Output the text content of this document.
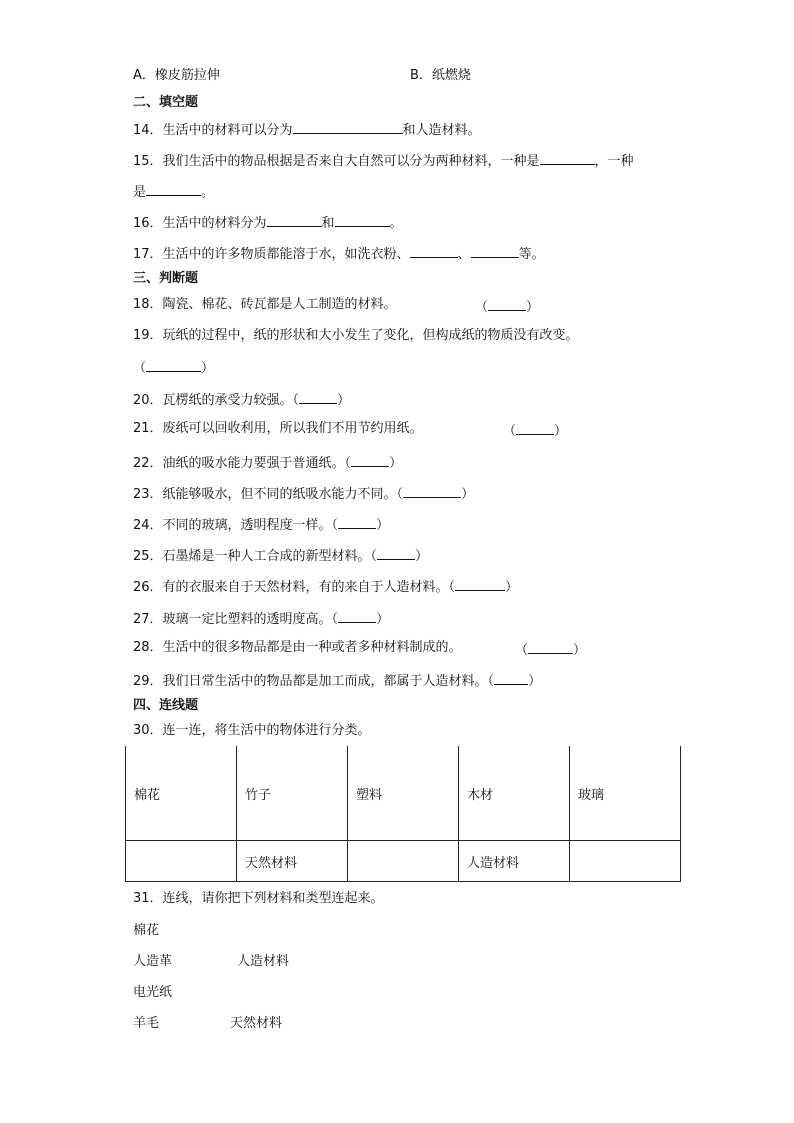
A．橡皮筋拉伸	B．纸燃烧
二、填空题
14．生活中的材料可以分为	和人造材料。
15．我们生活中的物品根据是否来自大自然可以分为两种材料，一种是	，一种
是	。
16．生活中的材料分为	和	。
17．生活中的许多物质都能溶于水，如洗衣粉、	、	等。
三、判断题
18．陶瓷、棉花、砖瓦都是人工制造的材料。	（	）
19．玩纸的过程中，纸的形状和大小发生了变化，但构成纸的物质没有改变。
（	）
20．瓦楞纸的承受力较强。（	）
21．废纸可以回收利用，所以我们不用节约用纸。	（	）
22．油纸的吸水能力要强于普通纸。（	）
23．纸能够吸水，但不同的纸吸水能力不同。（	）
24．不同的玻璃，透明程度一样。（	）
25．石墨烯是一种人工合成的新型材料。（	）
26．有的衣服来自于天然材料，有的来自于人造材料。（	）
27．玻璃一定比塑料的透明度高。（	）
28．生活中的很多物品都是由一种或者多种材料制成的。	（	）
29．我们日常生活中的物品都是加工而成，都属于人造材料。（	）
四、连线题
30．连一连，将生活中的物体进行分类。
棉花	竹子	塑料	木材	玻璃
	天然材料		人造材料	
31．连线，请你把下列材料和类型连起来。
棉花
人造革	人造材料
电光纸
羊毛	天然材料
